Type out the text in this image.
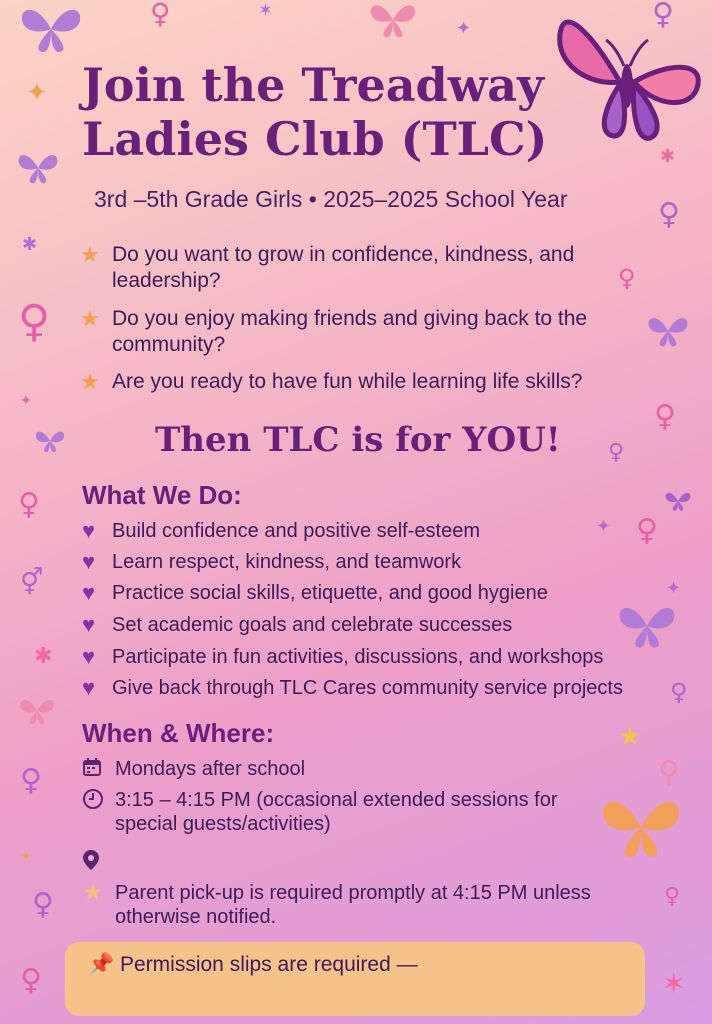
♀	✶
✦
✦
♀
✱
♀
✱
♀
♀
✦	♀
♀
♀
♀
✦
⚥	✦
✱
♀
★
⚲
♀
✦
♀
♀
♀	✶
Join the Treadway Ladies Club (TLC)
3rd –5th Grade Girls • 2025–2025 School Year
★ Do you want to grow in confidence, kindness, and leadership?
★ Do you enjoy making friends and giving back to the community?
★ Are you ready to have fun while learning life skills?
Then TLC is for YOU!
What We Do:
♥ Build confidence and positive self-esteem
♥ Learn respect, kindness, and teamwork
♥ Practice social skills, etiquette, and good hygiene
♥ Set academic goals and celebrate successes
♥ Participate in fun activities, discussions, and workshops
♥ Give back through TLC Cares community service projects
When & Where:
Mondays after school
3:15 – 4:15 PM (occasional extended sessions for special guests/activities)
★ Parent pick-up is required promptly at 4:15 PM unless otherwise notified.
📌 Permission slips are required —
